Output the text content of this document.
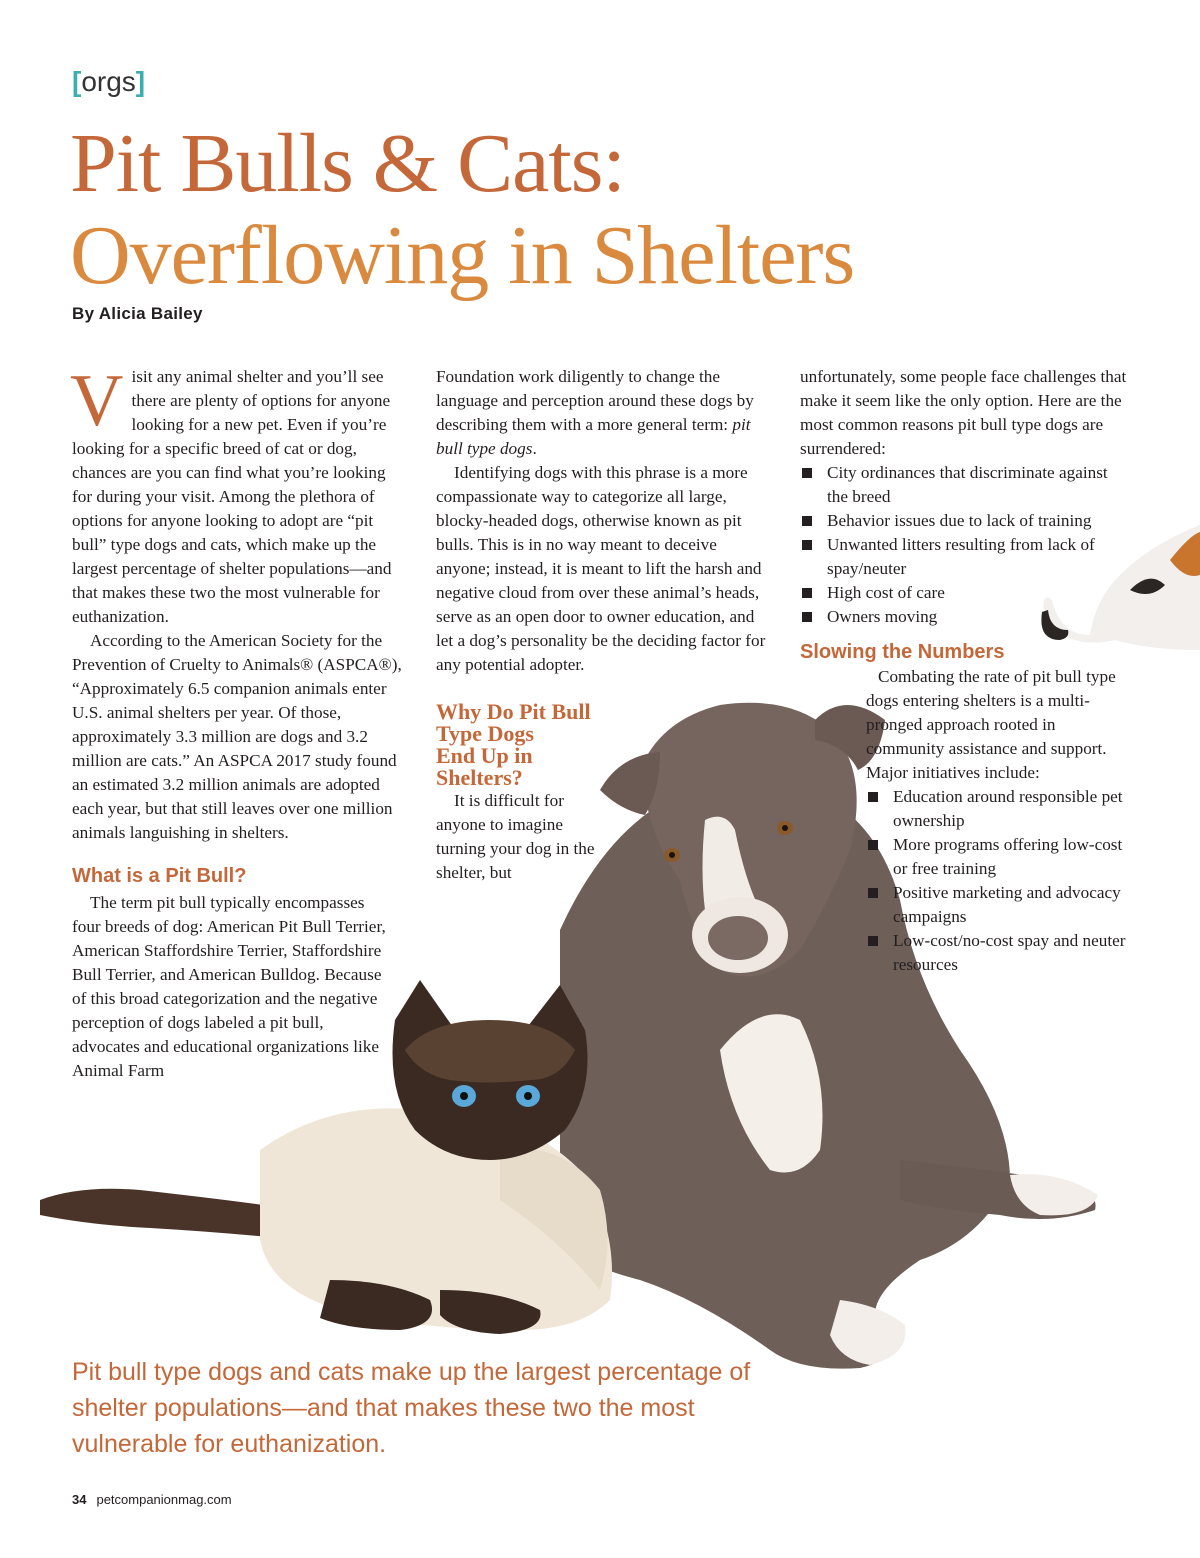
[orgs]
Pit Bulls & Cats:
Overflowing in Shelters
By Alicia Bailey

Visit any animal shelter and you’ll see there are plenty of options for anyone looking for a new pet. Even if you’re looking for a specific breed of cat or dog, chances are you can find what you’re looking for during your visit. Among the plethora of options for anyone looking to adopt are “pit bull” type dogs and cats, which make up the largest percentage of shelter populations—and that makes these two the most vulnerable for euthanization.

According to the American Society for the Prevention of Cruelty to Animals® (ASPCA®), “Approximately 6.5 companion animals enter U.S. animal shelters per year. Of those, approximately 3.3 million are dogs and 3.2 million are cats.” An ASPCA 2017 study found an estimated 3.2 million animals are adopted each year, but that still leaves over one million animals languishing in shelters.

What is a Pit Bull?

The term pit bull typically encompasses four breeds of dog: American Pit Bull Terrier, American Staffordshire Terrier, Staffordshire Bull Terrier, and American Bulldog. Because of this broad categorization and the negative perception of dogs labeled a pit bull, advocates and educational organizations like Animal Farm

Foundation work diligently to change the language and perception around these dogs by describing them with a more general term: pit bull type dogs.

Identifying dogs with this phrase is a more compassionate way to categorize all large, blocky-headed dogs, otherwise known as pit bulls. This is in no way meant to deceive anyone; instead, it is meant to lift the harsh and negative cloud from over these animal’s heads, serve as an open door to owner education, and let a dog’s personality be the deciding factor for any potential adopter.

Why Do Pit Bull
Type Dogs
End Up in
Shelters?

It is difficult for anyone to imagine turning your dog in the shelter, but

unfortunately, some people face challenges that make it seem like the only option. Here are the most common reasons pit bull type dogs are surrendered:

City ordinances that discriminate against the breed
Behavior issues due to lack of training
Unwanted litters resulting from lack of spay/neuter
High cost of care
Owners moving
Slowing the Numbers

Combating the rate of pit bull type dogs entering shelters is a multi-pronged approach rooted in community assistance and support. Major initiatives include:

Education around responsible pet ownership
More programs offering low-cost or free training
Positive marketing and advocacy campaigns
Low-cost/no-cost spay and neuter resources

Pit bull type dogs and cats make up the largest percentage of shelter populations—and that makes these two the most vulnerable for euthanization.

34 petcompanionmag.com
